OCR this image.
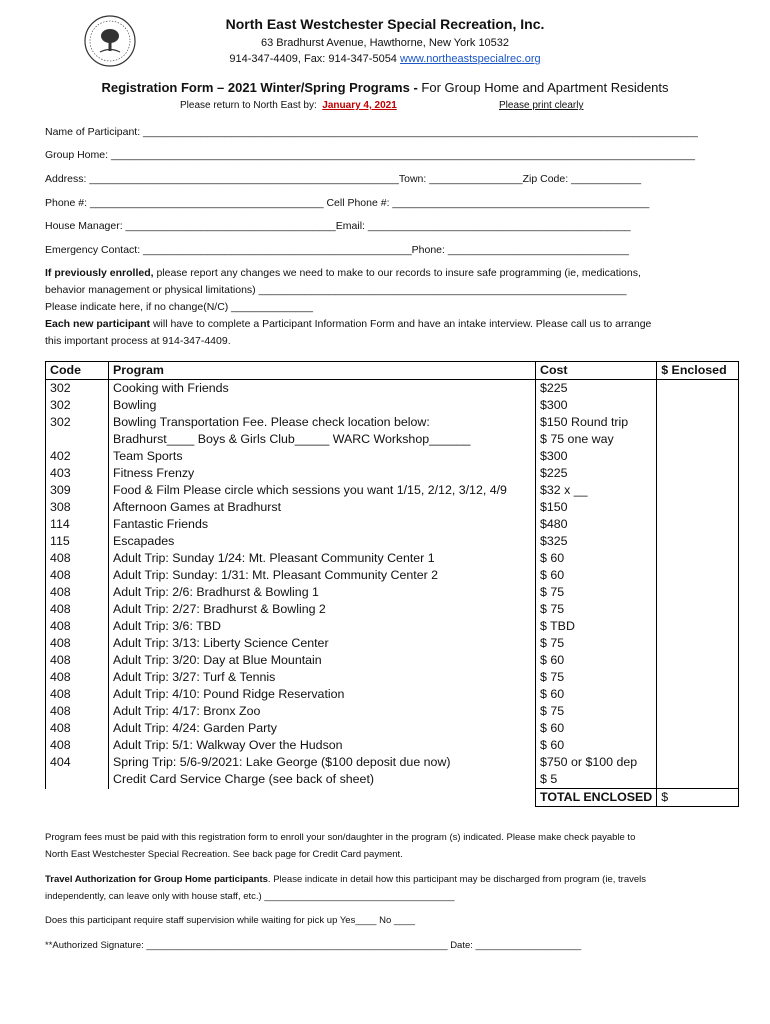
North East Westchester Special Recreation, Inc.
63 Bradhurst Avenue, Hawthorne, New York 10532
914-347-4409, Fax: 914-347-5054 www.northeastspecialrec.org
Registration Form – 2021 Winter/Spring Programs - For Group Home and Apartment Residents
Please return to North East by: January 4, 2021	Please print clearly
Name of Participant: _______________________________________________________________________________________________
Group Home: ____________________________________________________________________________________________________
Address: _____________________________________________________Town: ________________Zip Code: ____________
Phone #: ________________________________________ Cell Phone #: ____________________________________________
House Manager: ____________________________________Email: _____________________________________________
Emergency Contact: ______________________________________________Phone: _______________________________
If previously enrolled, please report any changes we need to make to our records to insure safe programming (ie, medications,
behavior management or physical limitations) _______________________________________________________________
Please indicate here, if no change(N/C) ______________
Each new participant will have to complete a Participant Information Form and have an intake interview. Please call us to arrange
this important process at 914-347-4409.
Code	Program	Cost	$ Enclosed
302	Cooking with Friends	$225	
302	Bowling	$300	
302	Bowling Transportation Fee. Please check location below:	$150 Round trip	
	Bradhurst____ Boys & Girls Club_____ WARC Workshop______	$ 75 one way	
402	Team Sports	$300	
403	Fitness Frenzy	$225	
309	Food & Film Please circle which sessions you want 1/15, 2/12, 3/12, 4/9	$32 x __	
308	Afternoon Games at Bradhurst	$150	
114	Fantastic Friends	$480	
115	Escapades	$325	
408	Adult Trip: Sunday 1/24: Mt. Pleasant Community Center 1	$ 60	
408	Adult Trip: Sunday: 1/31: Mt. Pleasant Community Center 2	$ 60	
408	Adult Trip: 2/6: Bradhurst & Bowling 1	$ 75	
408	Adult Trip: 2/27: Bradhurst & Bowling 2	$ 75	
408	Adult Trip: 3/6: TBD	$ TBD	
408	Adult Trip: 3/13: Liberty Science Center	$ 75	
408	Adult Trip: 3/20: Day at Blue Mountain	$ 60	
408	Adult Trip: 3/27: Turf & Tennis	$ 75	
408	Adult Trip: 4/10: Pound Ridge Reservation	$ 60	
408	Adult Trip: 4/17: Bronx Zoo	$ 75	
408	Adult Trip: 4/24: Garden Party	$ 60	
408	Adult Trip: 5/1: Walkway Over the Hudson	$ 60	
404	Spring Trip: 5/6-9/2021: Lake George ($100 deposit due now)	$750 or $100 dep	
	Credit Card Service Charge (see back of sheet)	$ 5	
		TOTAL ENCLOSED	$
Program fees must be paid with this registration form to enroll your son/daughter in the program (s) indicated. Please make check payable to
North East Westchester Special Recreation. See back page for Credit Card payment.
Travel Authorization for Group Home participants. Please indicate in detail how this participant may be discharged from program (ie, travels
independently, can leave only with house staff, etc.) ____________________________________
Does this participant require staff supervision while waiting for pick up Yes____ No ____
**Authorized Signature: _________________________________________________________ Date: ____________________
